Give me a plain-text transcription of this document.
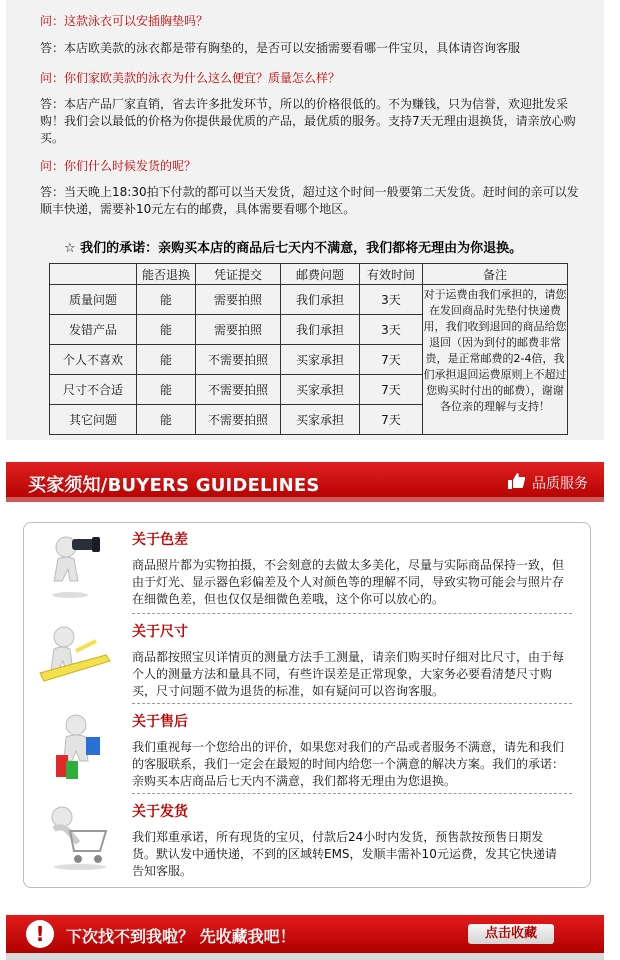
问：这款泳衣可以安插胸垫吗？
答：本店欧美款的泳衣都是带有胸垫的，是否可以安插需要看哪一件宝贝，具体请咨询客服
问：你们家欧美款的泳衣为什么这么便宜？质量怎么样？
答：本店产品厂家直销，省去许多批发环节，所以的价格很低的。不为赚钱，只为信誉，欢迎批发采购！我们会以最低的价格为你提供最优质的产品，最优质的服务。支持7天无理由退换货，请亲放心购买。
问：你们什么时候发货的呢？
答：当天晚上18:30拍下付款的都可以当天发货，超过这个时间一般要第二天发货。赶时间的亲可以发顺丰快递，需要补10元左右的邮费，具体需要看哪个地区。
☆ 我们的承诺：亲购买本店的商品后七天内不满意，我们都将无理由为你退换。
	能否退换	凭证提交	邮费问题	有效时间	备注
质量问题	能	需要拍照	我们承担	3天	对于运费由我们承担的，请您在发回商品时先垫付快递费用，我们收到退回的商品给您退回（因为到付的邮费非常贵，是正常邮费的2-4倍，我们承担退回运费原则上不超过您购买时付出的邮费），谢谢各位亲的理解与支持！
发错产品	能	需要拍照	我们承担	3天	
个人不喜欢	能	不需要拍照	买家承担	7天	
尺寸不合适	能	不需要拍照	买家承担	7天	
其它问题	能	不需要拍照	买家承担	7天	
买家须知/BUYERS GUIDELINES	品质服务
关于色差

商品照片都为实物拍摄，不会刻意的去做太多美化，尽量与实际商品保持一致，但由于灯光、显示器色彩偏差及个人对颜色等的理解不同，导致实物可能会与照片存在细微色差，但也仅仅是细微色差哦，这个你可以放心的。

关于尺寸

商品都按照宝贝详情页的测量方法手工测量，请亲们购买时仔细对比尺寸，由于每个人的测量方法和量具不同，有些许误差是正常现象，大家务必要看清楚尺寸购买，尺寸问题不做为退货的标准，如有疑问可以咨询客服。

关于售后

我们重视每一个您给出的评价，如果您对我们的产品或者服务不满意，请先和我们的客服联系，我们一定会在最短的时间内给您一个满意的解决方案。我们的承诺：亲购买本店商品后七天内不满意，我们都将无理由为您退换。

关于发货

我们郑重承诺，所有现货的宝贝，付款后24小时内发货，预售款按预售日期发货。默认发中通快递，不到的区域转EMS，发顺丰需补10元运费，发其它快递请告知客服。

!	下次找不到我啦？ 先收藏我吧！	点击收藏
